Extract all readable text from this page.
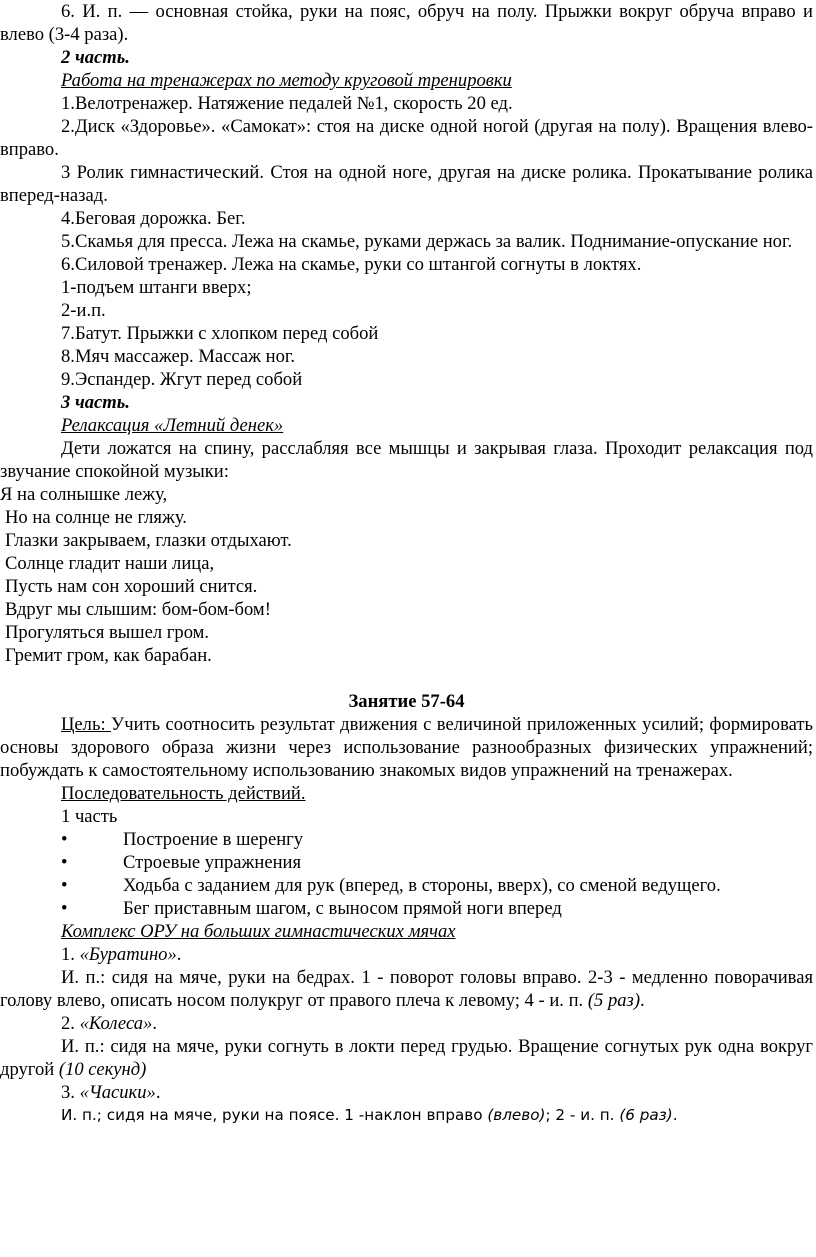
6. И. п. — основная стойка, руки на пояс, обруч на полу. Прыжки вокруг обруча вправо и влево (3-4 раза).

2 часть.

Работа на тренажерах по методу круговой тренировки

1.Велотренажер. Натяжение педалей №1, скорость 20 ед.

2.Диск «Здоровье». «Самокат»: стоя на диске одной ногой (другая на полу). Вращения влево-вправо.

3 Ролик гимнастический. Стоя на одной ноге, другая на диске ролика. Прокатывание ролика вперед-назад.

4.Беговая дорожка. Бег.

5.Скамья для пресса. Лежа на скамье, руками держась за валик. Поднимание-опускание ног.

6.Силовой тренажер. Лежа на скамье, руки со штангой согнуты в локтях.

1-подъем штанги вверх;

2-и.п.

7.Батут. Прыжки с хлопком перед собой

8.Мяч массажер. Массаж ног.

9.Эспандер. Жгут перед собой

3 часть.

Релаксация «Летний денек»

Дети ложатся на спину, расслабляя все мышцы и закрывая глаза. Проходит релаксация под звучание спокойной музыки:

Я на солнышке лежу,

Но на солнце не гляжу.

Глазки закрываем, глазки отдыхают.

Солнце гладит наши лица,

Пусть нам сон хороший снится.

Вдруг мы слышим: бом-бом-бом!

Прогуляться вышел гром.

Гремит гром, как барабан.

Занятие 57-64

Цель: Учить соотносить результат движения с величиной приложенных усилий; формировать основы здорового образа жизни через использование разнообразных физических упражнений; побуждать к самостоятельному использованию знакомых видов упражнений на тренажерах.

Последовательность действий.

1 часть

•	Построение в шеренгу

•	Строевые упражнения

•	Ходьба с заданием для рук (вперед, в стороны, вверх), со сменой ведущего.

•	Бег приставным шагом, с выносом прямой ноги вперед

Комплекс ОРУ на больших гимнастических мячах

1. «Буратино».

И. п.: сидя на мяче, руки на бедрах. 1 - поворот головы вправо. 2-3 - медленно поворачивая голову влево, описать носом полукруг от правого плеча к левому; 4 - и. п. (5 раз).

2. «Колеса».

И. п.: сидя на мяче, руки согнуть в локти перед грудью. Вращение согнутых рук одна вокруг другой (10 секунд)

3. «Часики».

И. п.; сидя на мяче, руки на поясе. 1 -наклон вправо (влево); 2 - и. п. (6 раз).
